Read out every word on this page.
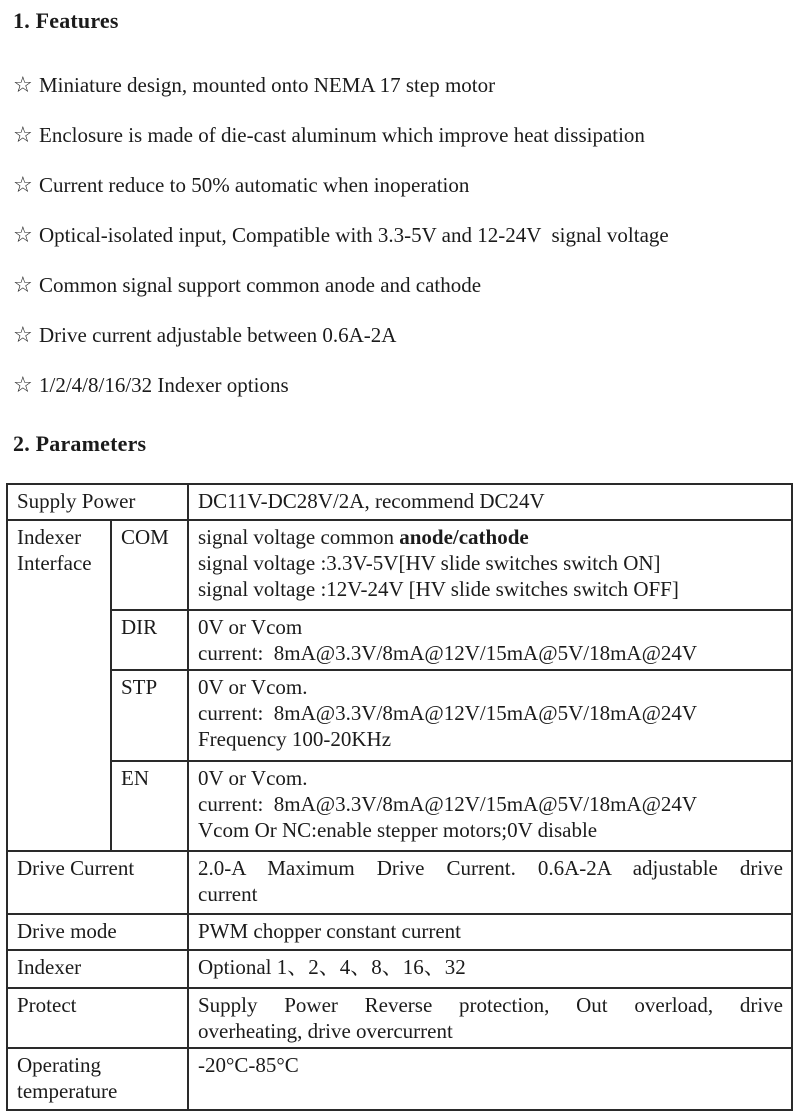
1. Features
☆ Miniature design, mounted onto NEMA 17 step motor
☆ Enclosure is made of die-cast aluminum which improve heat dissipation
☆ Current reduce to 50% automatic when inoperation
☆ Optical-isolated input, Compatible with 3.3-5V and 12-24V  signal voltage
☆ Common signal support common anode and cathode
☆ Drive current adjustable between 0.6A-2A
☆ 1/2/4/8/16/32 Indexer options
2. Parameters
Supply Power		DC11V-DC28V/2A, recommend DC24V
Indexer Interface	COM	signal voltage common anode/cathode
signal voltage :3.3V-5V[HV slide switches switch ON]
signal voltage :12V-24V [HV slide switches switch OFF]

	DIR	0V or Vcom
current:  8mA@3.3V/8mA@12V/15mA@5V/18mA@24V

	STP	0V or Vcom.
current:  8mA@3.3V/8mA@12V/15mA@5V/18mA@24V
Frequency 100-20KHz

	EN	0V or Vcom.
current:  8mA@3.3V/8mA@12V/15mA@5V/18mA@24V
Vcom Or NC:enable stepper motors;0V disable

Drive Current		2.0-A Maximum Drive Current. 0.6A-2A adjustable drive
current

Drive mode		PWM chopper constant current
Indexer		Optional 1、2、4、8、16、32
Protect		Supply Power Reverse protection, Out overload, drive
overheating, drive overcurrent

Operating temperature		-20°C-85°C
